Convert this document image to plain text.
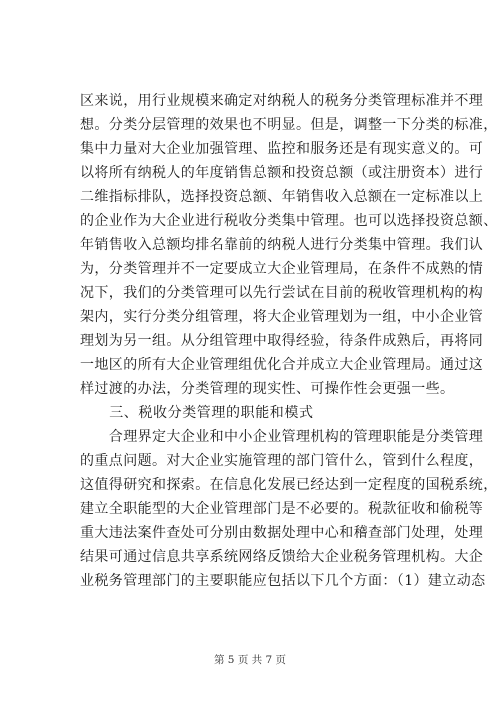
区来说，用行业规模来确定对纳税人的税务分类管理标准并不理
想。分类分层管理的效果也不明显。但是，调整一下分类的标准，
集中力量对大企业加强管理、监控和服务还是有现实意义的。可
以将所有纳税人的年度销售总额和投资总额（或注册资本）进行
二维指标排队，选择投资总额、年销售收入总额在一定标准以上
的企业作为大企业进行税收分类集中管理。也可以选择投资总额、
年销售收入总额均排名靠前的纳税人进行分类集中管理。我们认
为，分类管理并不一定要成立大企业管理局，在条件不成熟的情
况下，我们的分类管理可以先行尝试在目前的税收管理机构的构
架内，实行分类分组管理，将大企业管理划为一组，中小企业管
理划为另一组。从分组管理中取得经验，待条件成熟后，再将同
一地区的所有大企业管理组优化合并成立大企业管理局。通过这
样过渡的办法，分类管理的现实性、可操作性会更强一些。
　　三、税收分类管理的职能和模式
　　合理界定大企业和中小企业管理机构的管理职能是分类管理
的重点问题。对大企业实施管理的部门管什么，管到什么程度，
这值得研究和探索。在信息化发展已经达到一定程度的国税系统，
建立全职能型的大企业管理部门是不必要的。税款征收和偷税等
重大违法案件查处可分别由数据处理中心和稽查部门处理，处理
结果可通过信息共享系统网络反馈给大企业税务管理机构。大企
业税务管理部门的主要职能应包括以下几个方面：（1）建立动态
第 5 页 共 7 页
